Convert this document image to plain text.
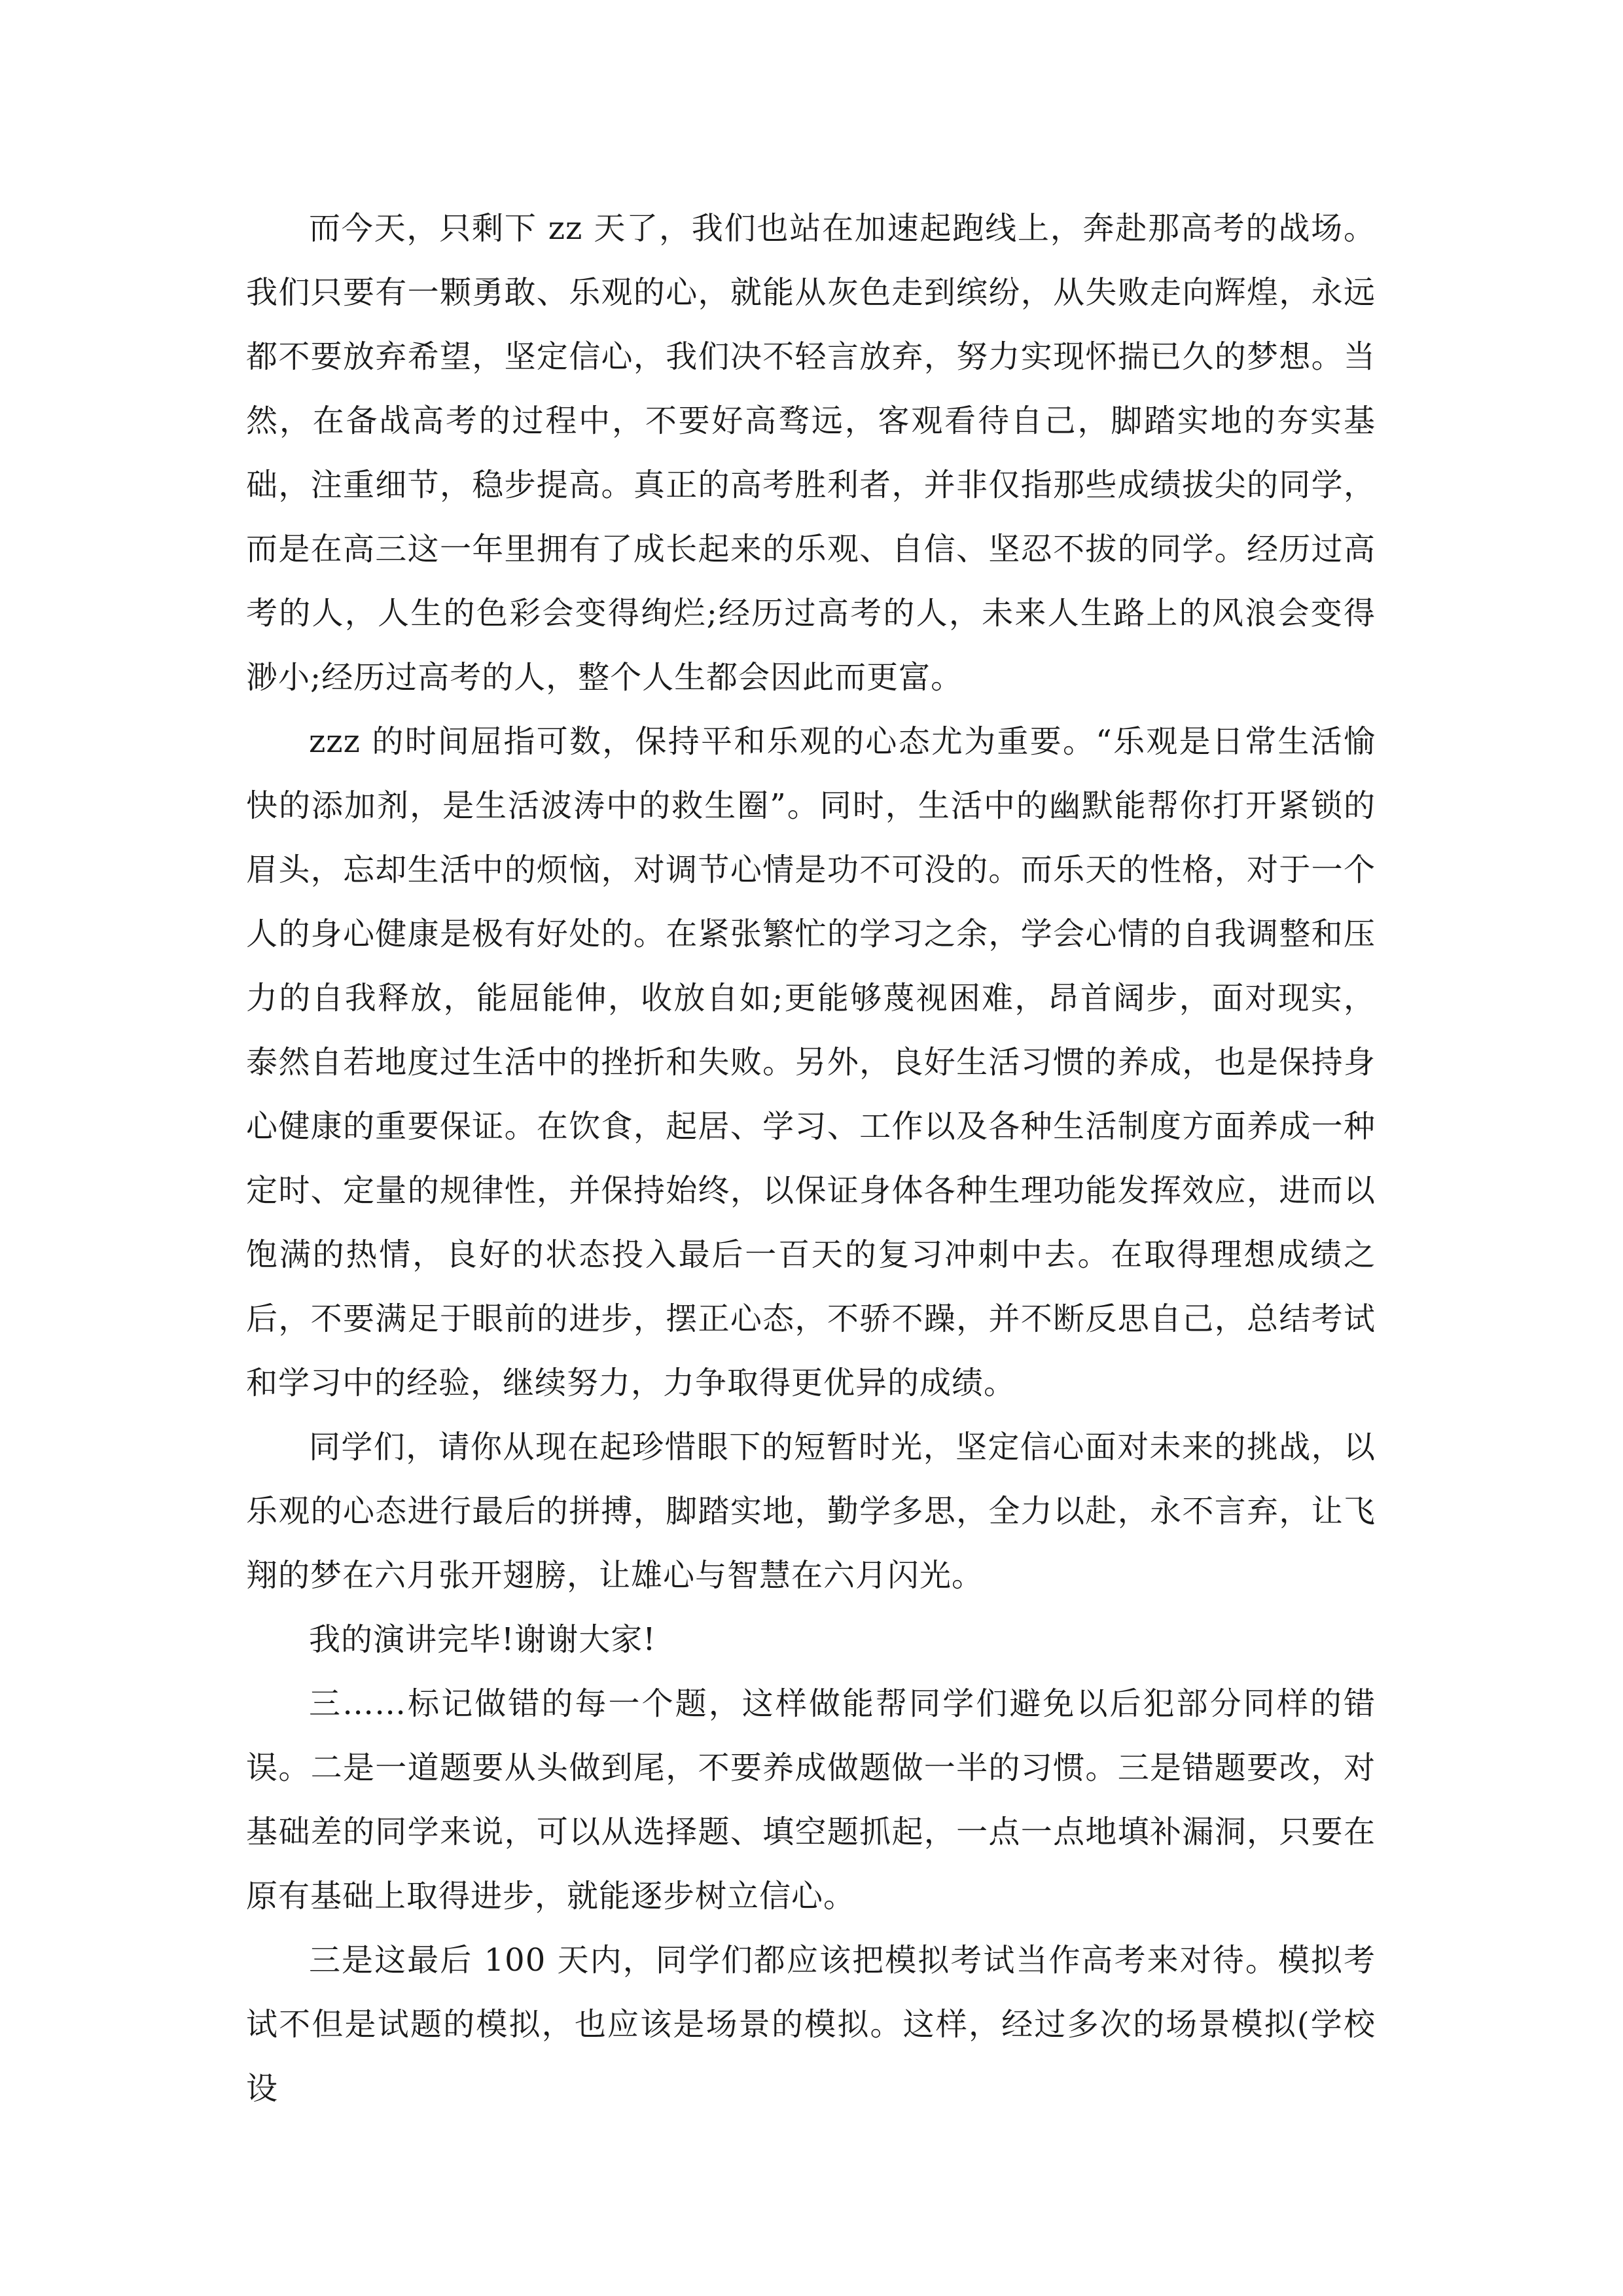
而今天，只剩下 zz 天了，我们也站在加速起跑线上，奔赴那高考的战场。我们只要有一颗勇敢、乐观的心，就能从灰色走到缤纷，从失败走向辉煌，永远都不要放弃希望，坚定信心，我们决不轻言放弃，努力实现怀揣已久的梦想。当然，在备战高考的过程中，不要好高骛远，客观看待自己，脚踏实地的夯实基础，注重细节，稳步提高。真正的高考胜利者，并非仅指那些成绩拔尖的同学，而是在高三这一年里拥有了成长起来的乐观、自信、坚忍不拔的同学。经历过高考的人，人生的色彩会变得绚烂;经历过高考的人，未来人生路上的风浪会变得渺小;经历过高考的人，整个人生都会因此而更富。

zzz 的时间屈指可数，保持平和乐观的心态尤为重要。“乐观是日常生活愉快的添加剂，是生活波涛中的救生圈”。同时，生活中的幽默能帮你打开紧锁的眉头，忘却生活中的烦恼，对调节心情是功不可没的。而乐天的性格，对于一个人的身心健康是极有好处的。在紧张繁忙的学习之余，学会心情的自我调整和压力的自我释放，能屈能伸，收放自如;更能够蔑视困难，昂首阔步，面对现实，泰然自若地度过生活中的挫折和失败。另外，良好生活习惯的养成，也是保持身心健康的重要保证。在饮食，起居、学习、工作以及各种生活制度方面养成一种定时、定量的规律性，并保持始终，以保证身体各种生理功能发挥效应，进而以饱满的热情，良好的状态投入最后一百天的复习冲刺中去。在取得理想成绩之后，不要满足于眼前的进步，摆正心态，不骄不躁，并不断反思自己，总结考试和学习中的经验，继续努力，力争取得更优异的成绩。

同学们，请你从现在起珍惜眼下的短暂时光，坚定信心面对未来的挑战，以乐观的心态进行最后的拼搏，脚踏实地，勤学多思，全力以赴，永不言弃，让飞翔的梦在六月张开翅膀，让雄心与智慧在六月闪光。

我的演讲完毕!谢谢大家!

三……标记做错的每一个题，这样做能帮同学们避免以后犯部分同样的错误。二是一道题要从头做到尾，不要养成做题做一半的习惯。三是错题要改，对基础差的同学来说，可以从选择题、填空题抓起，一点一点地填补漏洞，只要在原有基础上取得进步，就能逐步树立信心。

三是这最后 100 天内，同学们都应该把模拟考试当作高考来对待。模拟考试不但是试题的模拟，也应该是场景的模拟。这样，经过多次的场景模拟(学校设
